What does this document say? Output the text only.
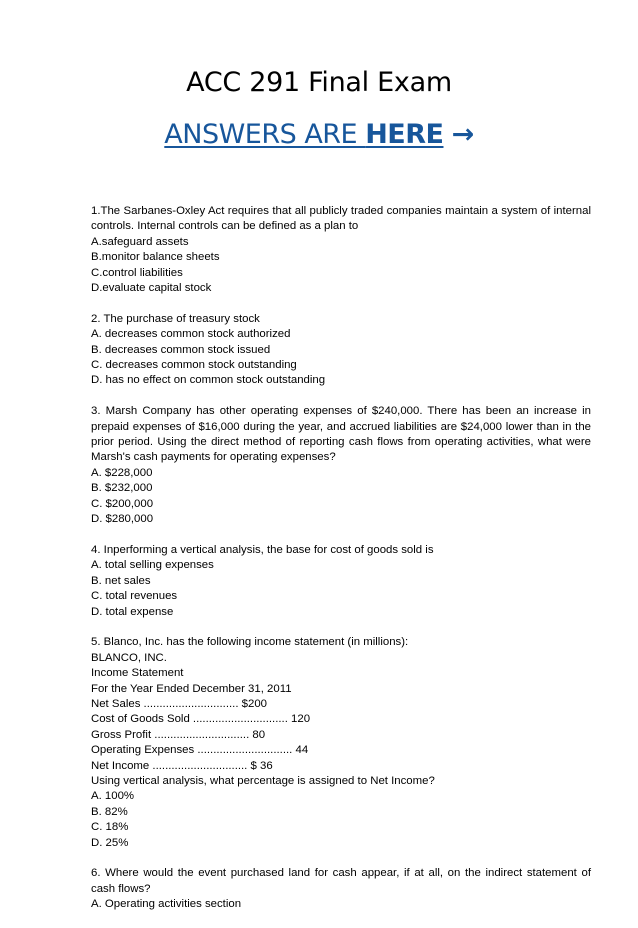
ACC 291 Final Exam
ANSWERS ARE HERE →
1.The Sarbanes-Oxley Act requires that all publicly traded companies maintain a system of internal controls. Internal controls can be defined as a plan to
A.safeguard assets
B.monitor balance sheets
C.control liabilities
D.evaluate capital stock
2. The purchase of treasury stock
A. decreases common stock authorized
B. decreases common stock issued
C. decreases common stock outstanding
D. has no effect on common stock outstanding
3. Marsh Company has other operating expenses of $240,000. There has been an increase in prepaid expenses of $16,000 during the year, and accrued liabilities are $24,000 lower than in the prior period. Using the direct method of reporting cash flows from operating activities, what were Marsh's cash payments for operating expenses?
A. $228,000
B. $232,000
C. $200,000
D. $280,000
4. Inperforming a vertical analysis, the base for cost of goods sold is
A. total selling expenses
B. net sales
C. total revenues
D. total expense
5. Blanco, Inc. has the following income statement (in millions):
BLANCO, INC.
Income Statement
For the Year Ended December 31, 2011
Net Sales .............................. $200
Cost of Goods Sold .............................. 120
Gross Profit .............................. 80
Operating Expenses .............................. 44
Net Income .............................. $ 36
Using vertical analysis, what percentage is assigned to Net Income?
A. 100%
B. 82%
C. 18%
D. 25%
6. Where would the event purchased land for cash appear, if at all, on the indirect statement of cash flows?
A. Operating activities section
